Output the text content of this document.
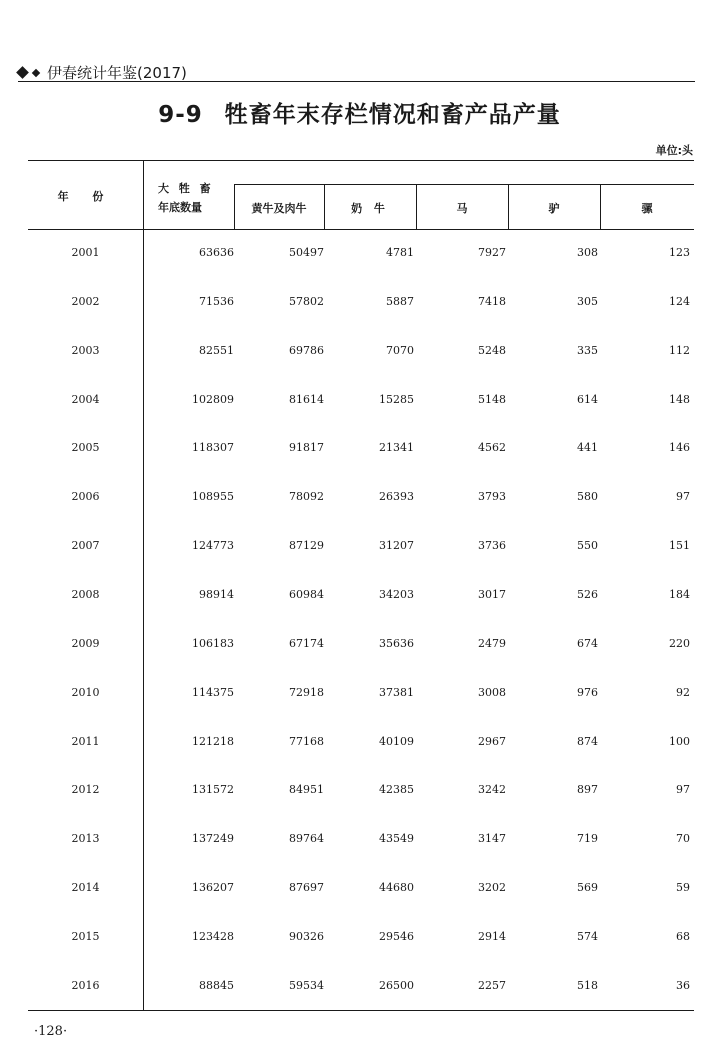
伊春统计年鉴(2017)
9-9 牲畜年末存栏情况和畜产品产量
单位:头
年 份
大 牲 畜
年底数量	黄牛及肉牛	奶 牛	马	驴	骡
2001	63636	50497	4781	7927	308	123
2002	71536	57802	5887	7418	305	124
2003	82551	69786	7070	5248	335	112
2004	102809	81614	15285	5148	614	148
2005	118307	91817	21341	4562	441	146
2006	108955	78092	26393	3793	580	97
2007	124773	87129	31207	3736	550	151
2008	98914	60984	34203	3017	526	184
2009	106183	67174	35636	2479	674	220
2010	114375	72918	37381	3008	976	92
2011	121218	77168	40109	2967	874	100
2012	131572	84951	42385	3242	897	97
2013	137249	89764	43549	3147	719	70
2014	136207	87697	44680	3202	569	59
2015	123428	90326	29546	2914	574	68
2016	88845	59534	26500	2257	518	36
·128·
